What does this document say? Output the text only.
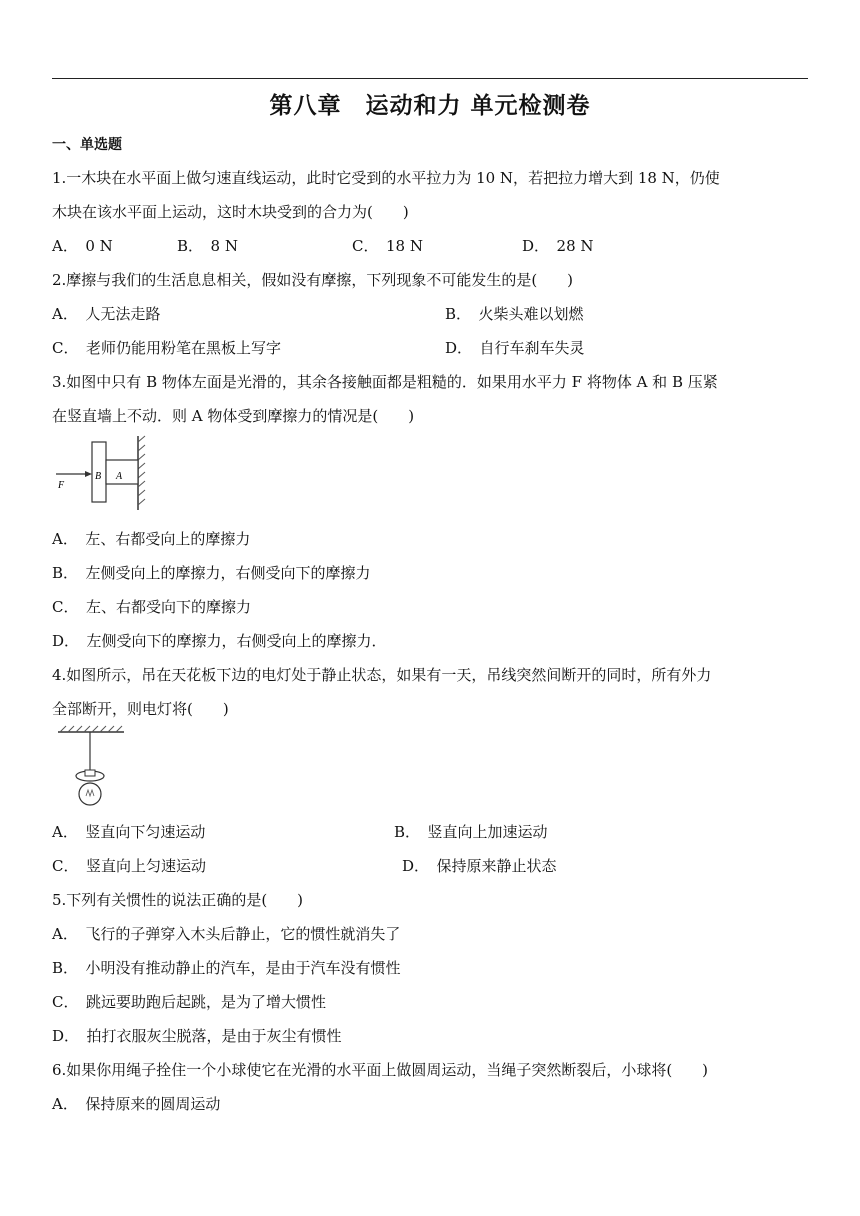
第八章　运动和力 单元检测卷
一、单选题
1.一木块在水平面上做匀速直线运动，此时它受到的水平拉力为 10 N，若把拉力增大到 18 N，仍使
木块在该水平面上运动，这时木块受到的合力为(　　)
A．　0 N	B．　8 N	C．　18 N	D．　28 N
2.摩擦与我们的生活息息相关，假如没有摩擦，下列现象不可能发生的是(　　)
A．　人无法走路	B．　火柴头难以划燃
C．　老师仍能用粉笔在黑板上写字	D．　自行车刹车失灵
3.如图中只有 B 物体左面是光滑的，其余各接触面都是粗糙的．如果用水平力 F 将物体 A 和 B 压紧
在竖直墙上不动．则 A 物体受到摩擦力的情况是(　　)
F
B A
A．　左、右都受向上的摩擦力
B．　左侧受向上的摩擦力，右侧受向下的摩擦力
C．　左、右都受向下的摩擦力
D．　左侧受向下的摩擦力，右侧受向上的摩擦力．
4.如图所示，吊在天花板下边的电灯处于静止状态，如果有一天，吊线突然间断开的同时，所有外力
全部断开，则电灯将(　　)
A．　竖直向下匀速运动	B．　竖直向上加速运动
C．　竖直向上匀速运动	D．　保持原来静止状态
5.下列有关惯性的说法正确的是(　　)
A．　飞行的子弹穿入木头后静止，它的惯性就消失了
B．　小明没有推动静止的汽车，是由于汽车没有惯性
C．　跳远要助跑后起跳，是为了增大惯性
D．　拍打衣服灰尘脱落，是由于灰尘有惯性
6.如果你用绳子拴住一个小球使它在光滑的水平面上做圆周运动，当绳子突然断裂后，小球将(　　)
A．　保持原来的圆周运动
